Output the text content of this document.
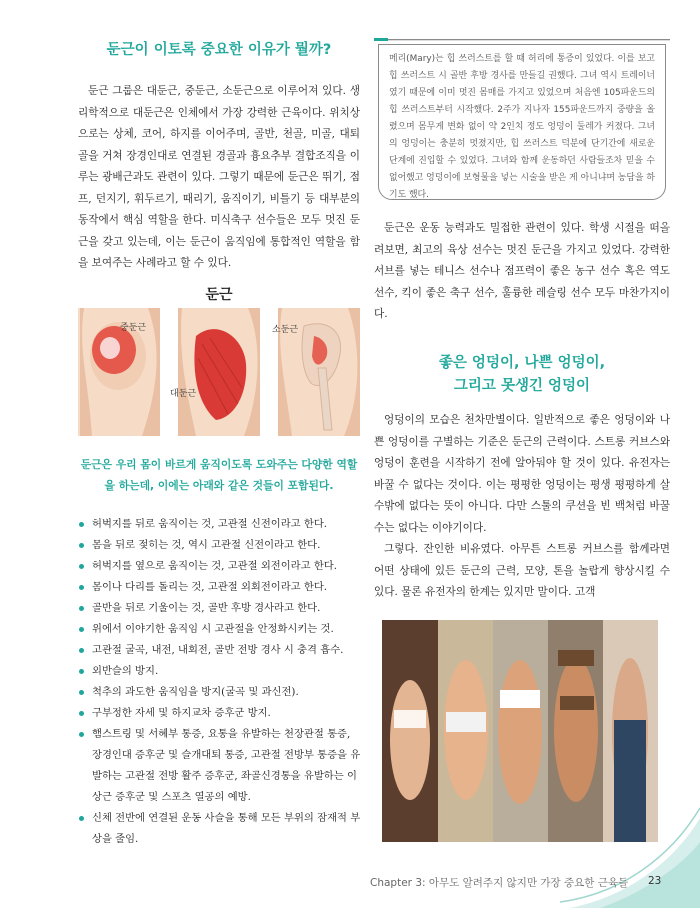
둔근이 이토록 중요한 이유가 뭘까?

둔근 그룹은 대둔근, 중둔근, 소둔근으로 이루어져 있다. 생리학적으로 대둔근은 인체에서 가장 강력한 근육이다. 위치상으로는 상체, 코어, 하지를 이어주며, 골반, 천골, 미골, 대퇴골을 거쳐 장경인대로 연결된 경골과 흉요추부 결합조직을 이루는 광배근과도 관련이 있다. 그렇기 때문에 둔근은 뛰기, 점프, 던지기, 휘두르기, 때리기, 움직이기, 비틀기 등 대부분의 동작에서 핵심 역할을 한다. 미식축구 선수들은 모두 멋진 둔근을 갖고 있는데, 이는 둔근이 움직임에 통합적인 역할을 함을 보여주는 사례라고 할 수 있다.

둔근

중둔근
대둔근
소둔근
둔근은 우리 몸이 바르게 움직이도록 도와주는 다양한 역할을 하는데, 이에는 아래와 같은 것들이 포함된다.
허벅지를 뒤로 움직이는 것, 고관절 신전이라고 한다.
몸을 뒤로 젖히는 것, 역시 고관절 신전이라고 한다.
허벅지를 옆으로 움직이는 것, 고관절 외전이라고 한다.
몸이나 다리를 돌리는 것, 고관절 외회전이라고 한다.
골반을 뒤로 기울이는 것, 골반 후방 경사라고 한다.
위에서 이야기한 움직임 시 고관절을 안정화시키는 것.
고관절 굴곡, 내전, 내회전, 골반 전방 경사 시 충격 흡수.
외반슬의 방지.
척추의 과도한 움직임을 방지(굴곡 및 과신전).
구부정한 자세 및 하지교차 증후군 방지.
햄스트링 및 서혜부 통증, 요통을 유발하는 천장관절 통증, 장경인대 증후군 및 슬개대퇴 통증, 고관절 전방부 통증을 유발하는 고관절 전방 활주 증후군, 좌골신경통을 유발하는 이상근 증후군 및 스포츠 열공의 예방.
신체 전반에 연결된 운동 사슬을 통해 모든 부위의 잠재적 부상을 줄임.

메리(Mary)는 힙 쓰러스트를 할 때 허리에 통증이 있었다. 이를 보고 힙 쓰러스트 시 골반 후방 경사를 만들길 권했다. 그녀 역시 트레이너였기 때문에 이미 멋진 몸매를 가지고 있었으며 처음엔 105파운드의 힙 쓰러스트부터 시작했다. 2주가 지나자 155파운드까지 중량을 올렸으며 몸무게 변화 없이 약 2인치 정도 엉덩이 둘레가 커졌다. 그녀의 엉덩이는 충분히 멋졌지만, 힙 쓰러스트 덕분에 단기간에 새로운 단계에 진입할 수 있었다. 그녀와 함께 운동하던 사람들조차 믿을 수 없어했고 엉덩이에 보형물을 넣는 시술을 받은 게 아니냐며 농담을 하기도 했다.

둔근은 운동 능력과도 밀접한 관련이 있다. 학생 시절을 떠올려보면, 최고의 육상 선수는 멋진 둔근을 가지고 있었다. 강력한 서브를 넣는 테니스 선수나 점프력이 좋은 농구 선수 혹은 역도 선수, 킥이 좋은 축구 선수, 훌륭한 레슬링 선수 모두 마찬가지이다.

좋은 엉덩이, 나쁜 엉덩이,
그리고 못생긴 엉덩이

엉덩이의 모습은 천차만별이다. 일반적으로 좋은 엉덩이와 나쁜 엉덩이를 구별하는 기준은 둔근의 근력이다. 스트롱 커브스와 엉덩이 훈련을 시작하기 전에 알아둬야 할 것이 있다. 유전자는 바꿀 수 없다는 것이다. 이는 평평한 엉덩이는 평생 평평하게 살 수밖에 없다는 뜻이 아니다. 다만 스툴의 쿠션을 빈 백처럼 바꿀 수는 없다는 이야기이다.

그렇다. 잔인한 비유였다. 아무튼 스트롱 커브스를 함께라면 어떤 상태에 있든 둔근의 근력, 모양, 톤을 놀랍게 향상시킬 수 있다. 물론 유전자의 한계는 있지만 말이다. 고객

Chapter 3: 아무도 알려주지 않지만 가장 중요한 근육들 23
